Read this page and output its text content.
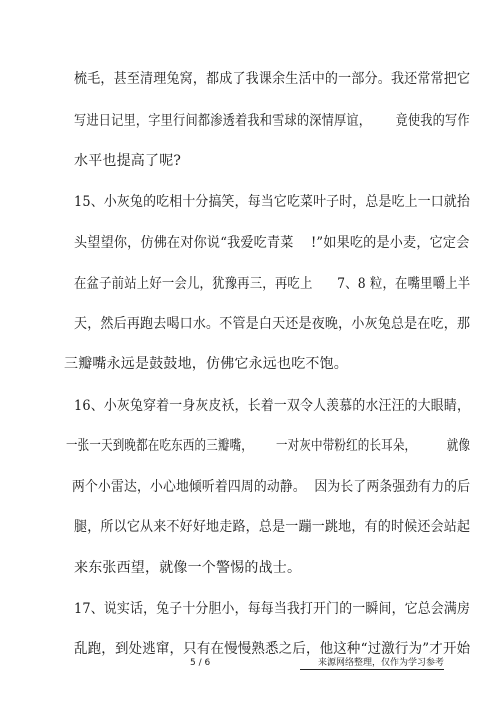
梳毛，甚至清理兔窝，都成了我课余生活中的一部分。我还常常把它
写进日记里，字里行间都渗透着我和雪球的深情厚谊，      竟使我的写作
水平也提高了呢?
15、小灰兔的吃相十分搞笑，每当它吃菜叶子时，总是吃上一口就抬
头望望你，仿佛在对你说“我爱吃青菜    !”如果吃的是小麦，它定会
在盆子前站上好一会儿，犹豫再三，再吃上      7、8 粒，在嘴里嚼上半
天，然后再跑去喝口水。不管是白天还是夜晚，小灰兔总是在吃，那
三瓣嘴永远是鼓鼓地，仿佛它永远也吃不饱。
16、小灰兔穿着一身灰皮袄，长着一双令人羡慕的水汪汪的大眼睛，
一张一天到晚都在吃东西的三瓣嘴，      一对灰中带粉红的长耳朵，        就像
两个小雷达，小心地倾听着四周的动静。  因为长了两条强劲有力的后
腿，所以它从来不好好地走路，总是一蹦一跳地，有的时候还会站起
来东张西望，就像一个警惕的战士。
17、说实话，兔子十分胆小，每每当我打开门的一瞬间，它总会满房
乱跑，到处逃窜，只有在慢慢熟悉之后，他这种“过激行为”才开始
5 / 6	来源网络整理，仅作为学习参考
